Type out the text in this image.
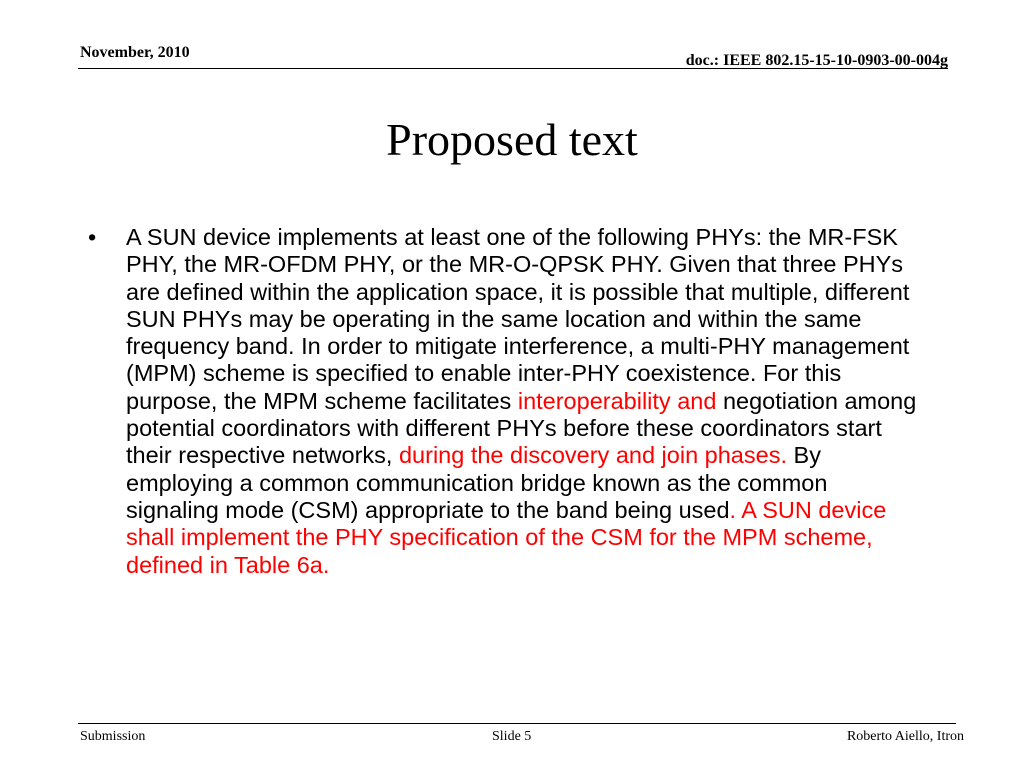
November, 2010	doc.: IEEE 802.15-15-10-0903-00-004g
Proposed text
• A SUN device implements at least one of the following PHYs: the MR-FSK PHY, the MR-OFDM PHY, or the MR-O-QPSK PHY. Given that three PHYs are defined within the application space, it is possible that multiple, different SUN PHYs may be operating in the same location and within the same frequency band. In order to mitigate interference, a multi-PHY management (MPM) scheme is specified to enable inter-PHY coexistence. For this purpose, the MPM scheme facilitates interoperability and negotiation among potential coordinators with different PHYs before these coordinators start their respective networks, during the discovery and join phases. By employing a common communication bridge known as the common signaling mode (CSM) appropriate to the band being used. A SUN device shall implement the PHY specification of the CSM for the MPM scheme, defined in Table 6a.
Submission	Slide 5	Roberto Aiello, Itron
